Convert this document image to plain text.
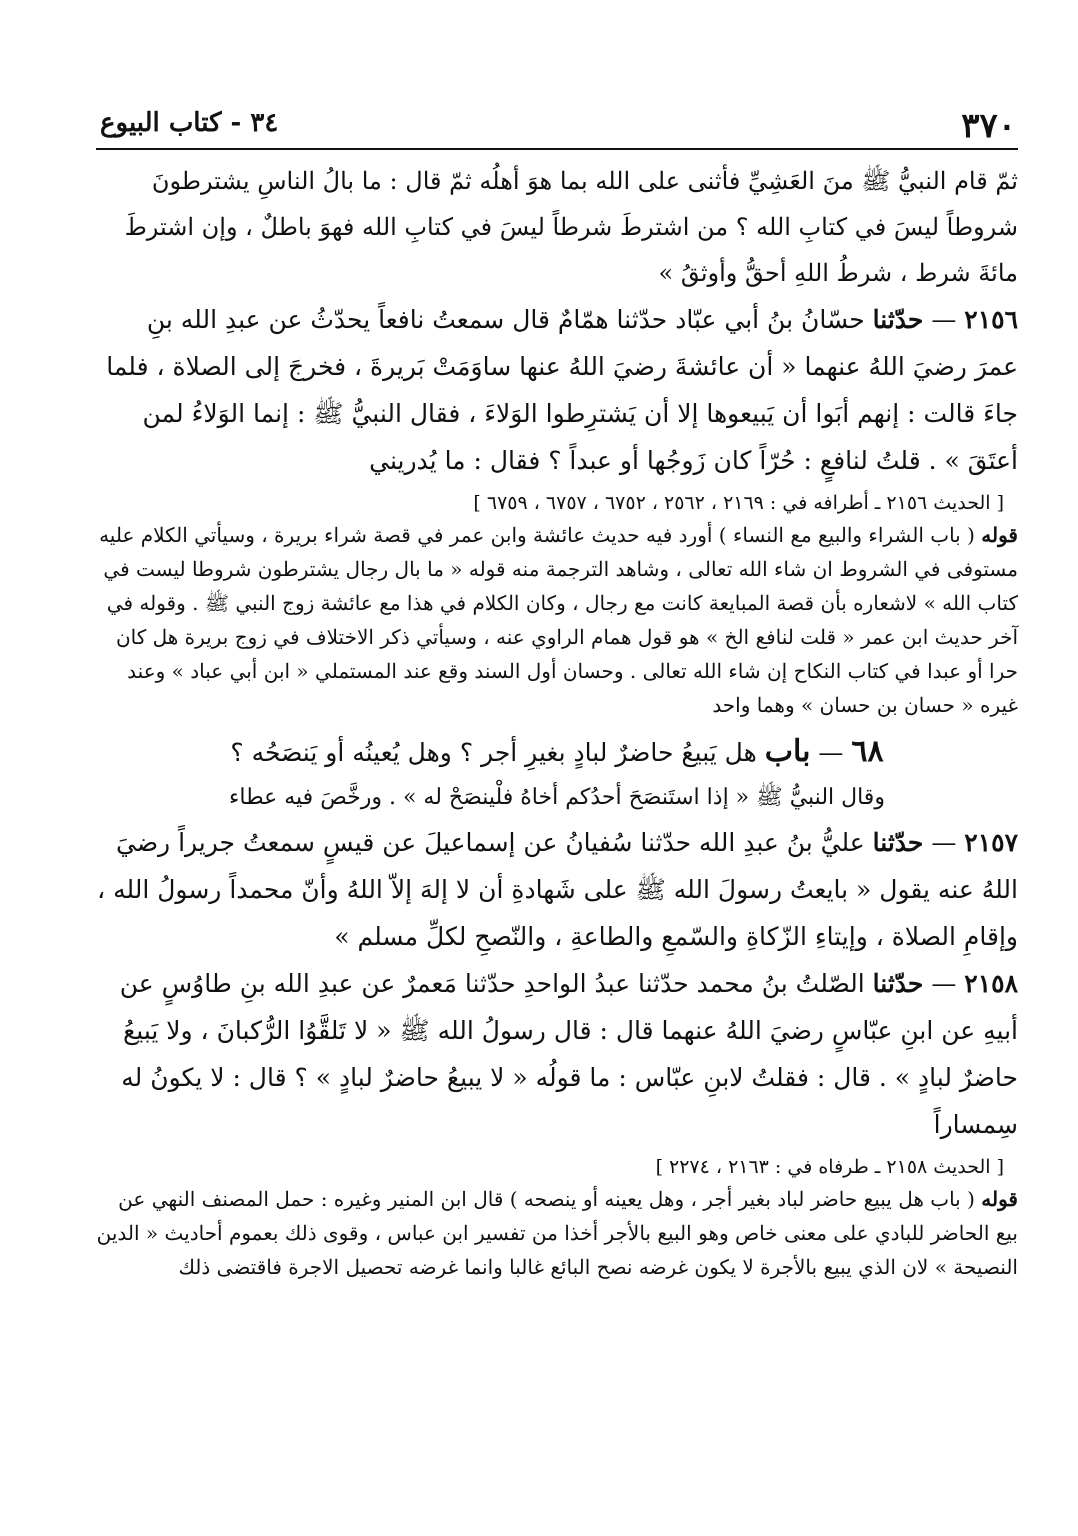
٣٧٠
٣٤ - كتاب البيوع

ثمّ قام النبيُّ ﷺ منَ العَشِيِّ فأثنى على الله بما هوَ أهلُه ثمّ قال : ما بالُ الناسِ يشترطونَ شروطاً ليسَ في كتابِ الله ؟ من اشترطَ شرطاً ليسَ في كتابِ الله فهوَ باطلٌ ، وإن اشترطَ مائةَ شرط ، شرطُ اللهِ أحقُّ وأوثقُ »

٢١٥٦ — حدّثنا حسّانُ بنُ أبي عبّاد حدّثنا همّامٌ قال سمعتُ نافعاً يحدّثُ عن عبدِ الله بنِ عمرَ رضيَ اللهُ عنهما « أن عائشةَ رضيَ اللهُ عنها ساوَمَتْ بَريرةَ ، فخرجَ إلى الصلاة ، فلما جاءَ قالت : إنهم أبَوا أن يَبيعوها إلا أن يَشترِطوا الوَلاءَ ، فقال النبيُّ ﷺ : إنما الوَلاءُ لمن أعتَقَ » . قلتُ لنافعٍ : حُرّاً كان زَوجُها أو عبداً ؟ فقال : ما يُدريني

[ الحديث ٢١٥٦ ـ أطرافه في : ٢١٦٩ ، ٢٥٦٢ ، ٦٧٥٢ ، ٦٧٥٧ ، ٦٧٥٩ ]

قوله ( باب الشراء والبيع مع النساء ) أورد فيه حديث عائشة وابن عمر في قصة شراء بريرة ، وسيأتي الكلام عليه مستوفى في الشروط ان شاء الله تعالى ، وشاهد الترجمة منه قوله « ما بال رجال يشترطون شروطا ليست في كتاب الله » لاشعاره بأن قصة المبايعة كانت مع رجال ، وكان الكلام في هذا مع عائشة زوج النبي ﷺ . وقوله في آخر حديث ابن عمر « قلت لنافع الخ » هو قول همام الراوي عنه ، وسيأتي ذكر الاختلاف في زوج بريرة هل كان حرا أو عبدا في كتاب النكاح إن شاء الله تعالى . وحسان أول السند وقع عند المستملي « ابن أبي عباد » وعند غيره « حسان بن حسان » وهما واحد

٦٨ — باب هل يَبيعُ حاضرٌ لبادٍ بغيرِ أجر ؟ وهل يُعينُه أو يَنصَحُه ؟

وقال النبيُّ ﷺ « إذا استَنصَحَ أحدُكم أخاهُ فلْينصَحْ له » . ورخَّصَ فيه عطاء

٢١٥٧ — حدّثنا عليُّ بنُ عبدِ الله حدّثنا سُفيانُ عن إسماعيلَ عن قيسٍ سمعتُ جريراً رضيَ اللهُ عنه يقول « بايعتُ رسولَ الله ﷺ على شَهادةِ أن لا إلهَ إلاّ اللهُ وأنّ محمداً رسولُ الله ، وإقامِ الصلاة ، وإيتاءِ الزّكاةِ والسّمعِ والطاعةِ ، والنّصحِ لكلِّ مسلم »

٢١٥٨ — حدّثنا الصّلتُ بنُ محمد حدّثنا عبدُ الواحدِ حدّثنا مَعمرٌ عن عبدِ الله بنِ طاوُسٍ عن أبيهِ عن ابنِ عبّاسٍ رضيَ اللهُ عنهما قال : قال رسولُ الله ﷺ « لا تَلقَّوُا الرُّكبانَ ، ولا يَبيعُ حاضرٌ لبادٍ » . قال : فقلتُ لابنِ عبّاس : ما قولُه « لا يبيعُ حاضرٌ لبادٍ » ؟ قال : لا يكونُ له سِمساراً

[ الحديث ٢١٥٨ ـ طرفاه في : ٢١٦٣ ، ٢٢٧٤ ]

قوله ( باب هل يبيع حاضر لباد بغير أجر ، وهل يعينه أو ينصحه ) قال ابن المنير وغيره : حمل المصنف النهي عن بيع الحاضر للبادي على معنى خاص وهو البيع بالأجر أخذا من تفسير ابن عباس ، وقوى ذلك بعموم أحاديث « الدين النصيحة » لان الذي يبيع بالأجرة لا يكون غرضه نصح البائع غالبا وانما غرضه تحصيل الاجرة فاقتضى ذلك
